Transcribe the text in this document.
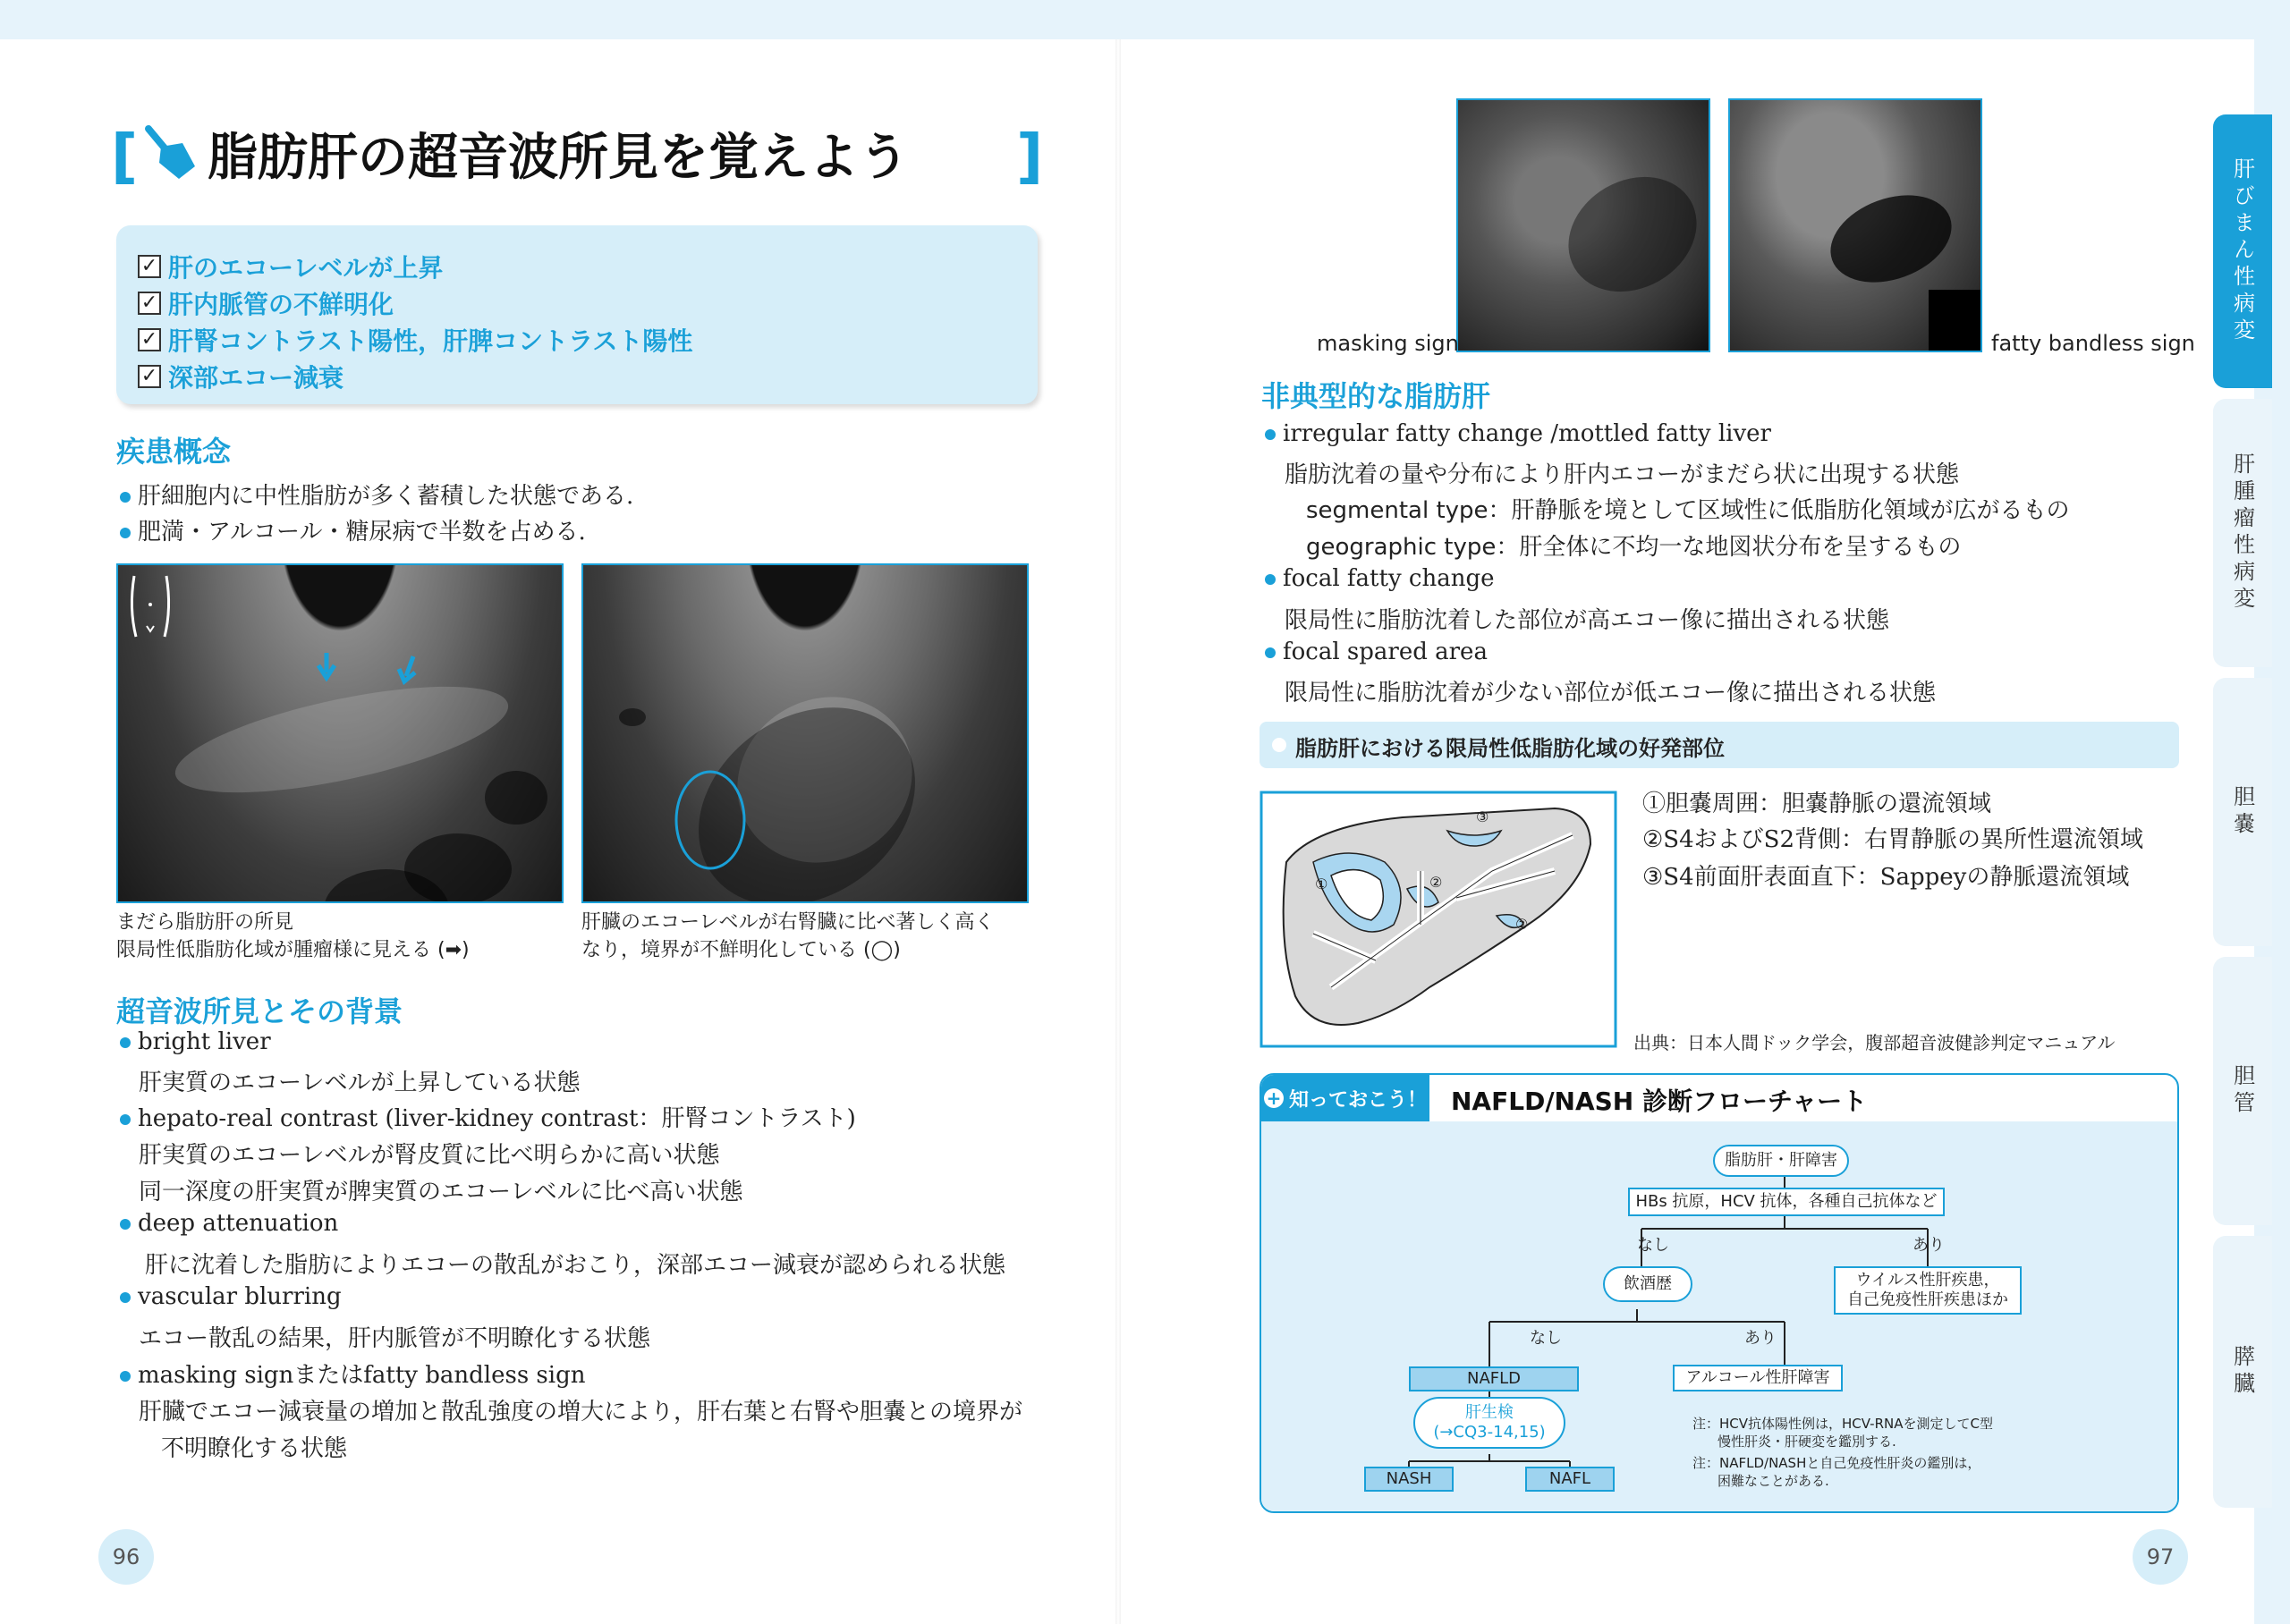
[ 脂肪肝の超音波所見を覚えよう ]
✓ 肝のエコーレベルが上昇
✓ 肝内脈管の不鮮明化
✓ 肝腎コントラスト陽性，肝脾コントラスト陽性
✓ 深部エコー減衰
疾患概念
肝細胞内に中性脂肪が多く蓄積した状態である.
肥満・アルコール・糖尿病で半数を占める.
まだら脂肪肝の所見
限局性低脂肪化域が腫瘤様に見える (➡)
肝臓のエコーレベルが右腎臓に比べ著しく高く
なり，境界が不鮮明化している (◯)
超音波所見とその背景
bright liver
肝実質のエコーレベルが上昇している状態
hepato-real contrast (liver-kidney contrast：肝腎コントラスト)
肝実質のエコーレベルが腎皮質に比べ明らかに高い状態
同一深度の肝実質が脾実質のエコーレベルに比べ高い状態
deep attenuation
肝に沈着した脂肪によりエコーの散乱がおこり，深部エコー減衰が認められる状態
vascular blurring
エコー散乱の結果，肝内脈管が不明瞭化する状態
masking signまたはfatty bandless sign
肝臓でエコー減衰量の増加と散乱強度の増大により，肝右葉と右腎や胆嚢との境界が
不明瞭化する状態
96
masking sign	fatty bandless sign
非典型的な脂肪肝
irregular fatty change /mottled fatty liver
脂肪沈着の量や分布により肝内エコーがまだら状に出現する状態
segmental type：肝静脈を境として区域性に低脂肪化領域が広がるもの
geographic type：肝全体に不均一な地図状分布を呈するもの
focal fatty change
限局性に脂肪沈着した部位が高エコー像に描出される状態
focal spared area
限局性に脂肪沈着が少ない部位が低エコー像に描出される状態
脂肪肝における限局性低脂肪化域の好発部位
③
②
②
①
①胆嚢周囲：胆嚢静脈の還流領域
②S4およびS2背側：右胃静脈の異所性還流領域
③S4前面肝表面直下：Sappeyの静脈還流領域
出典：日本人間ドック学会，腹部超音波健診判定マニュアル
+ 知っておこう！ NAFLD/NASH 診断フローチャート
脂肪肝・肝障害
HBs 抗原，HCV 抗体，各種自己抗体など
なし	あり
飲酒歴	ウイルス性肝疾患，
自己免疫性肝疾患ほか
なし	あり
NAFLD	アルコール性肝障害
肝生検
(→CQ3-14,15)
NASH	NAFL
注：HCV抗体陽性例は，HCV-RNAを測定してC型
慢性肝炎・肝硬変を鑑別する.
注：NAFLD/NASHと自己免疫性肝炎の鑑別は，
困難なことがある.
97
肝びまん性病変
肝腫瘤性病変
胆嚢
胆管
膵臓
